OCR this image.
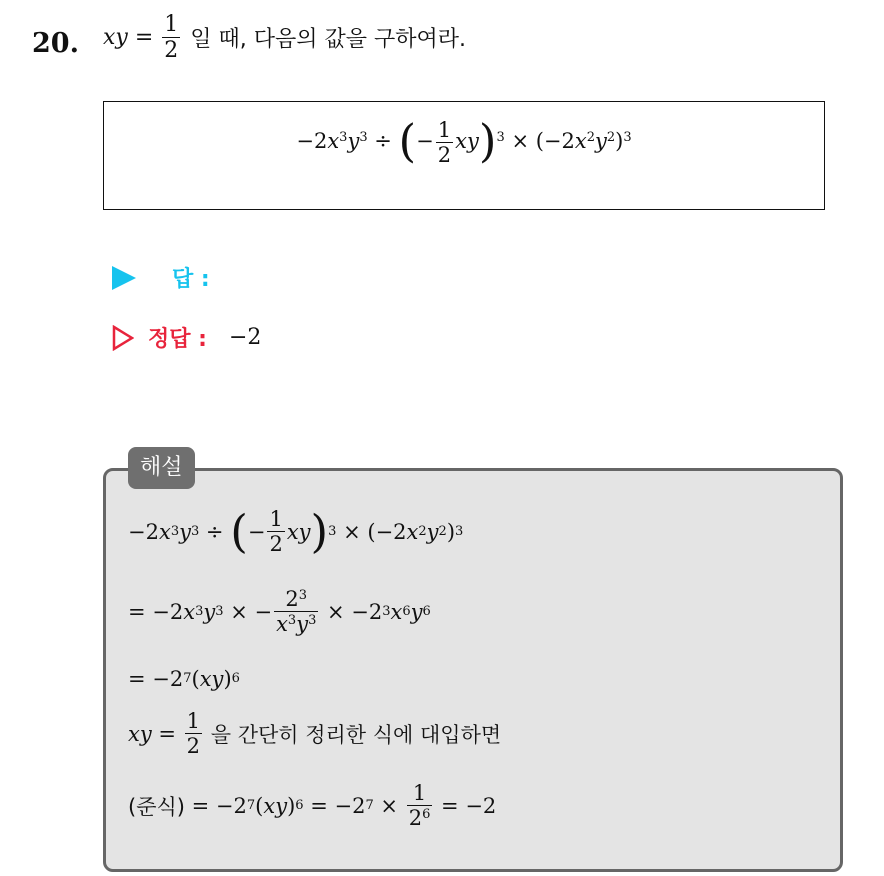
20. xy = $\frac{1}{2}$ 일 때, 다음의 값을 구하여라.
$-2x^3y^3$ ÷ (− $\frac{1}{2} xy)^3 \times (-2x^2y^2)^3$
답 :
정답 : −2
−2 x 3 y 3 ÷ ( − $\frac{1}{2}$ xy ) 3 × (−2 x 2 y 2 ) 3
= −2 x 3 y 3 × − $\frac{2^3}{x^3y^3} \times -2$ 3 x 6 y 6
= −2 7 ( xy ) 6
xy = $\frac{1}{2}$
을 간단히 정리한 식에 대입하면
(준식) = −2 7 ( xy ) 6 = −2 $7 \times \frac{1}{2^6} = -2$
해설
